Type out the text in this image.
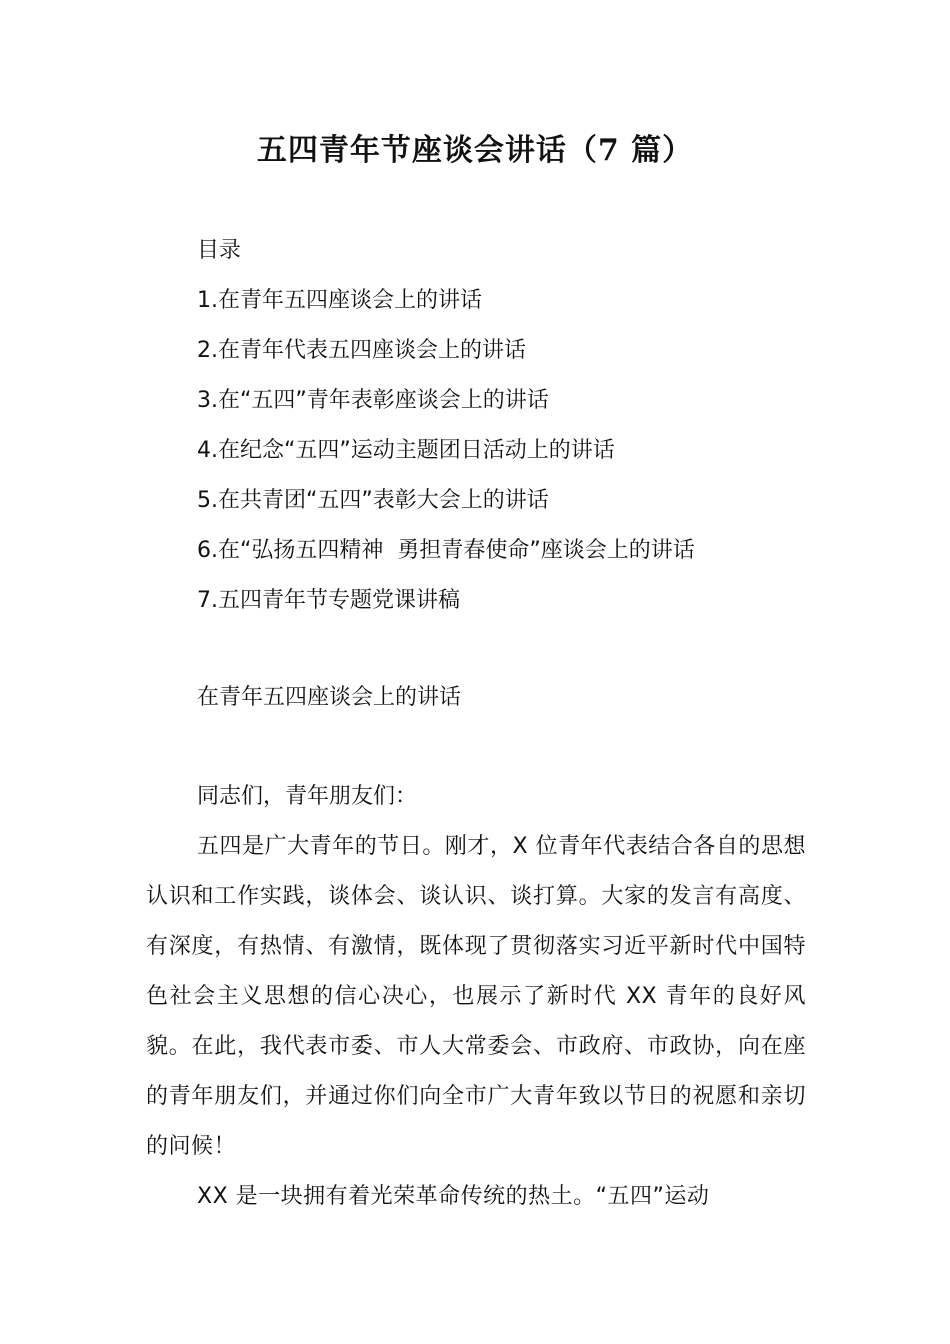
五四青年节座谈会讲话（7 篇）
目录
1.在青年五四座谈会上的讲话
2.在青年代表五四座谈会上的讲话
3.在“五四”青年表彰座谈会上的讲话
4.在纪念“五四”运动主题团日活动上的讲话
5.在共青团“五四”表彰大会上的讲话
6.在“弘扬五四精神  勇担青春使命”座谈会上的讲话
7.五四青年节专题党课讲稿
在青年五四座谈会上的讲话

同志们，青年朋友们：

五四是广大青年的节日。刚才，X 位青年代表结合各自的思想认识和工作实践，谈体会、谈认识、谈打算。大家的发言有高度、有深度，有热情、有激情，既体现了贯彻落实习近平新时代中国特色社会主义思想的信心决心，也展示了新时代 XX 青年的良好风貌。在此，我代表市委、市人大常委会、市政府、市政协，向在座的青年朋友们，并通过你们向全市广大青年致以节日的祝愿和亲切的问候！

XX 是一块拥有着光荣革命传统的热土。“五四”运动
